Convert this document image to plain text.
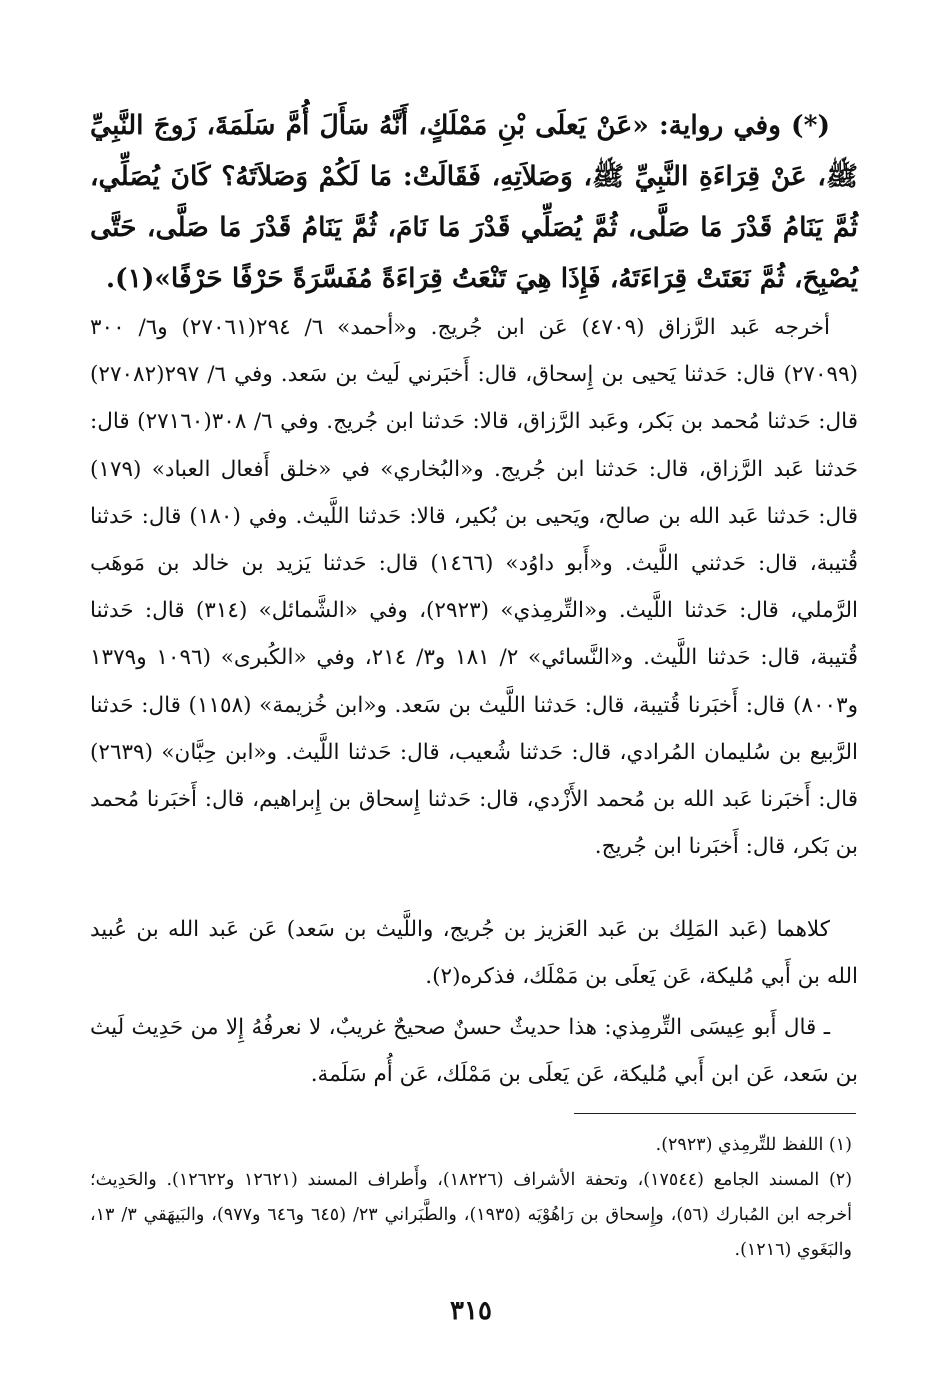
(*) وفي رواية: «عَنْ يَعلَى بْنِ مَمْلَكٍ، أَنَّهُ سَأَلَ أُمَّ سَلَمَةَ، زَوجَ النَّبِيِّ ﷺ، عَنْ قِرَاءَةِ النَّبِيِّ ﷺ، وَصَلاَتِهِ، فَقَالَتْ: مَا لَكُمْ وَصَلاَتَهُ؟ كَانَ يُصَلِّي، ثُمَّ يَنَامُ قَدْرَ مَا صَلَّى، ثُمَّ يُصَلِّي قَدْرَ مَا نَامَ، ثُمَّ يَنَامُ قَدْرَ مَا صَلَّى، حَتَّى يُصْبِحَ، ثُمَّ نَعَتَتْ قِرَاءَتَهُ، فَإِذَا هِيَ تَنْعَتُ قِرَاءَةً مُفَسَّرَةً حَرْفًا حَرْفًا»(١).

أخرجه عَبد الرَّزاق (٤٧٠٩) عَن ابن جُريج. و«أحمد» ٦/ ٢٩٤(٢٧٠٦١) و٦/ ٣٠٠ (٢٧٠٩٩) قال: حَدثنا يَحيى بن إِسحاق، قال: أَخبَرني لَيث بن سَعد. وفي ٦/ ٢٩٧(٢٧٠٨٢) قال: حَدثنا مُحمد بن بَكر، وعَبد الرَّزاق، قالا: حَدثنا ابن جُريج. وفي ٦/ ٣٠٨(٢٧١٦٠) قال: حَدثنا عَبد الرَّزاق، قال: حَدثنا ابن جُريج. و«البُخاري» في «خلق أَفعال العباد» (١٧٩) قال: حَدثنا عَبد الله بن صالح، ويَحيى بن بُكير، قالا: حَدثنا اللَّيث. وفي (١٨٠) قال: حَدثنا قُتيبة، قال: حَدثني اللَّيث. و«أَبو داوُد» (١٤٦٦) قال: حَدثنا يَزيد بن خالد بن مَوهَب الرَّملي، قال: حَدثنا اللَّيث. و«التِّرمِذي» (٢٩٢٣)، وفي «الشَّمائل» (٣١٤) قال: حَدثنا قُتيبة، قال: حَدثنا اللَّيث. و«النَّسائي» ٢/ ١٨١ و٣/ ٢١٤، وفي «الكُبرى» (١٠٩٦ و١٣٧٩ و٨٠٠٣) قال: أَخبَرنا قُتيبة، قال: حَدثنا اللَّيث بن سَعد. و«ابن خُزيمة» (١١٥٨) قال: حَدثنا الرَّبيع بن سُليمان المُرادي، قال: حَدثنا شُعيب، قال: حَدثنا اللَّيث. و«ابن حِبَّان» (٢٦٣٩) قال: أَخبَرنا عَبد الله بن مُحمد الأَزْدي، قال: حَدثنا إِسحاق بن إِبراهيم، قال: أَخبَرنا مُحمد بن بَكر، قال: أَخبَرنا ابن جُريج.

كلاهما (عَبد المَلِك بن عَبد العَزيز بن جُريج، واللَّيث بن سَعد) عَن عَبد الله بن عُبيد الله بن أَبي مُليكة، عَن يَعلَى بن مَمْلَك، فذكره(٢).

ـ قال أَبو عِيسَى التِّرمِذي: هذا حديثٌ حسنٌ صحيحٌ غريبٌ، لا نعرفُهُ إِلا من حَدِيث لَيث بن سَعد، عَن ابن أَبي مُليكة، عَن يَعلَى بن مَمْلَك، عَن أُم سَلَمة.

(١) اللفظ للتِّرمِذي (٢٩٢٣).

(٢) المسند الجامع (١٧٥٤٤)، وتحفة الأشراف (١٨٢٢٦)، وأَطراف المسند (١٢٦٢١ و١٢٦٢٢). والحَدِيث؛ أخرجه ابن المُبارك (٥٦)، وإِسحاق بن رَاهُوْيَه (١٩٣٥)، والطَّبَراني ٢٣/ (٦٤٥ و٦٤٦ و٩٧٧)، والبَيهَقي ٣/ ١٣، والبَغَوي (١٢١٦).

٣١٥
